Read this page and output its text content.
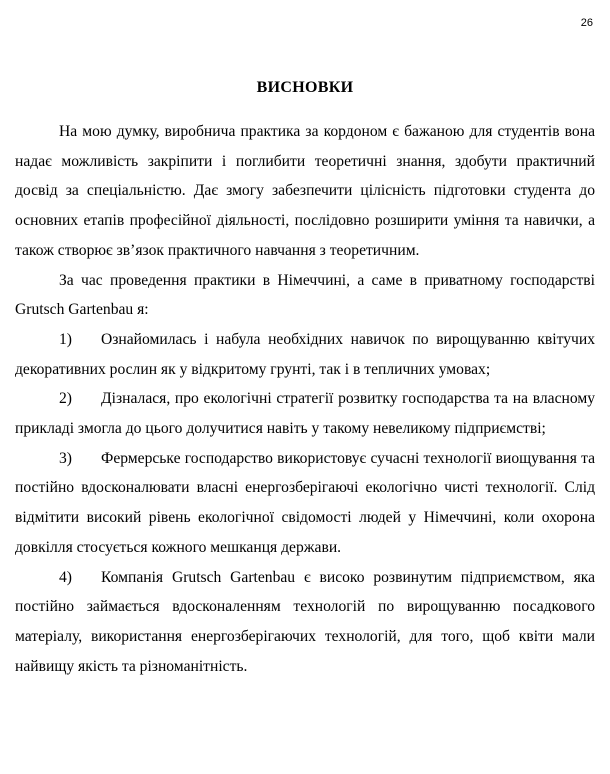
26
ВИСНОВКИ

На мою думку, виробнича практика за кордоном є бажаною для студентів вона надає можливість закріпити і поглибити теоретичні знання, здобути практичний досвід за спеціальністю. Дає змогу забезпечити цілісність підготовки студента до основних етапів професійної діяльності, послідовно розширити уміння та навички, а також створює зв’язок практичного навчання з теоретичним.

За час проведення практики в Німеччині, а саме в приватному господарстві Grutsch Gartenbau я:

1) Ознайомилась і набула необхідних навичок по вирощуванню квітучих декоративних рослин як у відкритому грунті, так і в тепличних умовах;

2) Дізналася, про екологічні стратегії розвитку господарства та на власному прикладі змогла до цього долучитися навіть у такому невеликому підприємстві;

3) Фермерське господарство використовує сучасні технології виощування та постійно вдосконалювати власні енергозберігаючі екологічно чисті технології. Слід відмітити високий рівень екологічної свідомості людей у Німеччині, коли охорона довкілля стосується кожного мешканця держави.

4) Компанія Grutsch Gartenbau є високо розвинутим підприємством, яка постійно займається вдосконаленням технологій по вирощуванню посадкового матеріалу, використання енергозберігаючих технологій, для того, щоб квіти мали найвищу якість та різноманітність.
